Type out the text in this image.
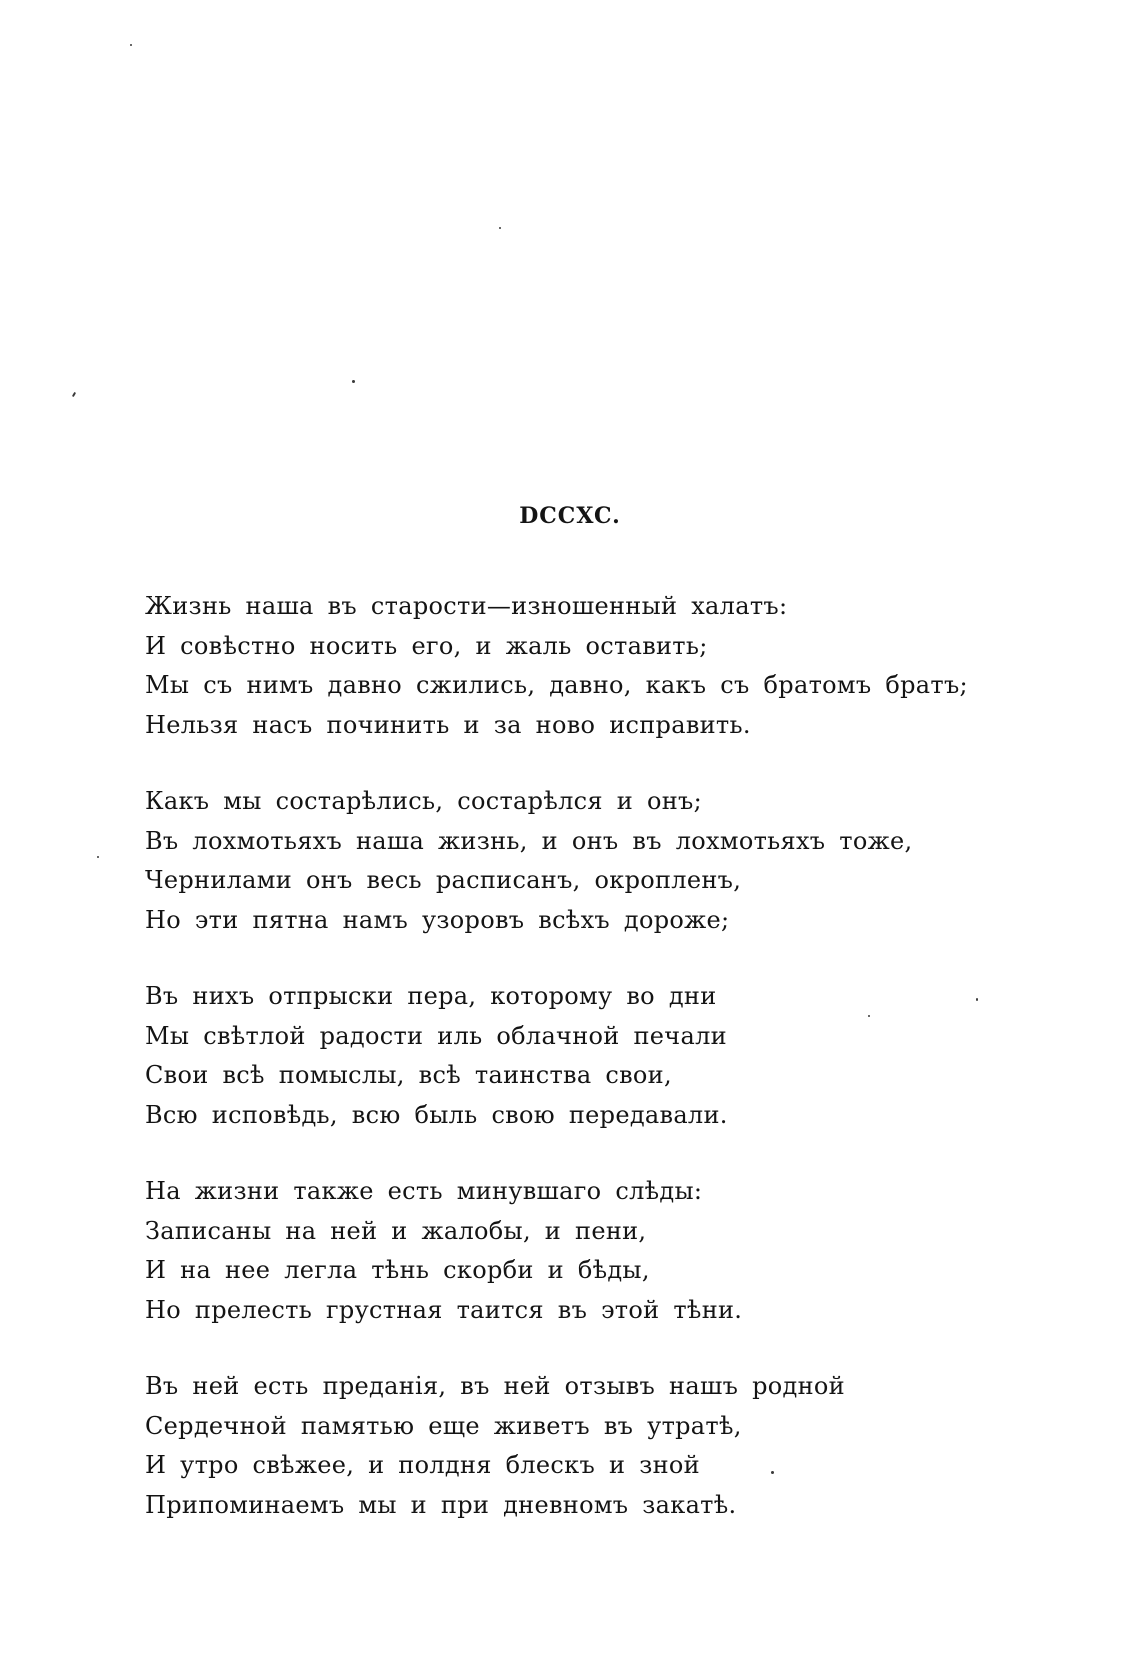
DCCXC.
Жизнь наша въ старости—изношенный халатъ:
И совѣстно носить его, и жаль оставить;
Мы съ нимъ давно сжились, давно, какъ съ братомъ братъ;
Нельзя насъ починить и за ново исправить.
Какъ мы состарѣлись, состарѣлся и онъ;
Въ лохмотьяхъ наша жизнь, и онъ въ лохмотьяхъ тоже,
Чернилами онъ весь расписанъ, окропленъ,
Но эти пятна намъ узоровъ всѣхъ дороже;
Въ нихъ отпрыски пера, которому во дни
Мы свѣтлой радости иль облачной печали
Свои всѣ помыслы, всѣ таинства свои,
Всю исповѣдь, всю быль свою передавали.
На жизни также есть минувшаго слѣды:
Записаны на ней и жалобы, и пени,
И на нее легла тѣнь скорби и бѣды,
Но прелесть грустная таится въ этой тѣни.
Въ ней есть преданія, въ ней отзывъ нашъ родной
Сердечной памятью еще живетъ въ утратѣ,
И утро свѣжее, и полдня блескъ и зной
Припоминаемъ мы и при дневномъ закатѣ.
